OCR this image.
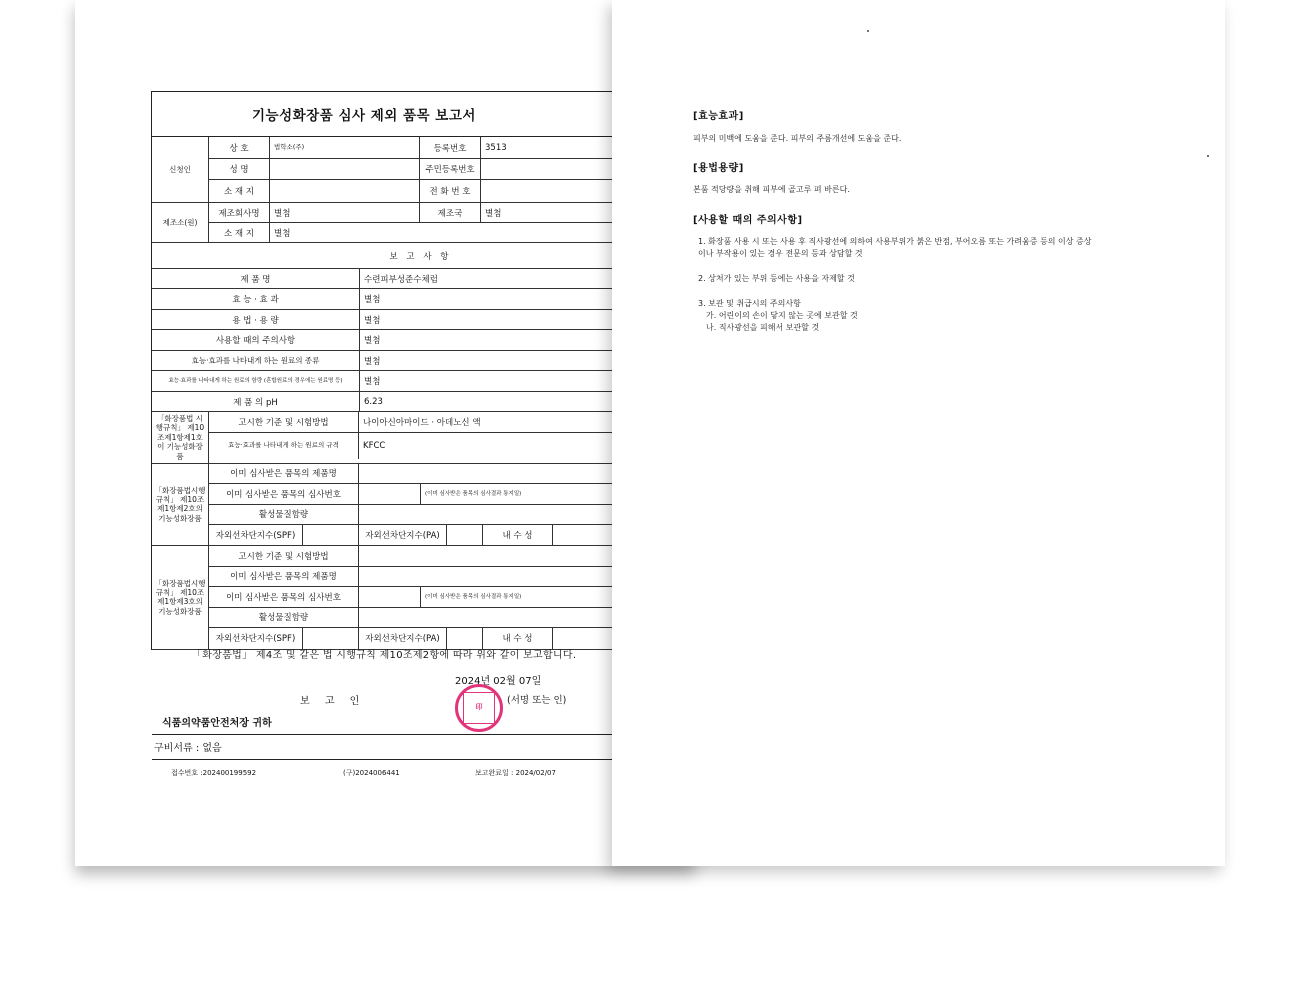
기능성화장품 심사 제외 품목 보고서
신청인
상 호	법학소(주)	등록번호	3513
성 명	주민등록번호
소 재 지	전 화 번 호
제조소(원)
제조회사명	별첨	제조국	별첨
소 재 지	별첨
보 고 사 항
제 품 명	수련피부성준수체럼
효 능 · 효 과	별첨
용 법 · 용 량	별첨
사용할 때의 주의사항	별첨
효능·효과를 나타내게 하는 원료의 종류	별첨
효능·효과를 나타내게 하는 원료의 함량 (혼합원료의 경우에는 원료명 등)	별첨
제 품 의 pH	6.23
「화장품법 시행규칙」 제10조제1항제1호 이 기능성화장품
고시한 기준 및 시험방법	나이아신아마이드 · 아데노신 액
효능·효과를 나타내게 하는 원료의 규격	KFCC
「화장품법시행규칙」 제10조제1항제2호의기능성화장품
이미 심사받은 품목의 제품명
이미 심사받은 품목의 심사번호	(이미 심사받은 품목의 심사결과 통지일)
활성물질함량
자외선차단지수(SPF)	자외선차단지수(PA)	내 수 성
「화장품법시행규칙」 제10조제1항제3호의기능성화장품
고시한 기준 및 시험방법
이미 심사받은 품목의 제품명
이미 심사받은 품목의 심사번호	(이미 심사받은 품목의 심사결과 통지일)
활성물질함량
자외선차단지수(SPF)	자외선차단지수(PA)	내 수 성
「화장품법」 제4조 및 같은 법 시행규칙 제10조제2항에 따라 위와 같이 보고합니다.
2024년 02월 07일
보 고 인
印
(서명 또는 인)
식품의약품안전처장 귀하
구비서류 : 없음
접수번호 :202400199592	(구)2024006441	보고완료일 : 2024/02/07
[효능효과]
피부의 미백에 도움을 준다. 피부의 주름개선에 도움을 준다.
[용법용량]
본품 적당량을 취해 피부에 골고루 펴 바른다.
[사용할 때의 주의사항]
1. 화장품 사용 시 또는 사용 후 직사광선에 의하여 사용부위가 붉은 반점, 부어오름 또는 가려움증 등의 이상 증상
이나 부작용이 있는 경우 전문의 등과 상담할 것
2. 상처가 있는 부위 등에는 사용을 자제할 것
3. 보관 및 취급시의 주의사항
가. 어린이의 손이 닿지 않는 곳에 보관할 것
나. 직사광선을 피해서 보관할 것
